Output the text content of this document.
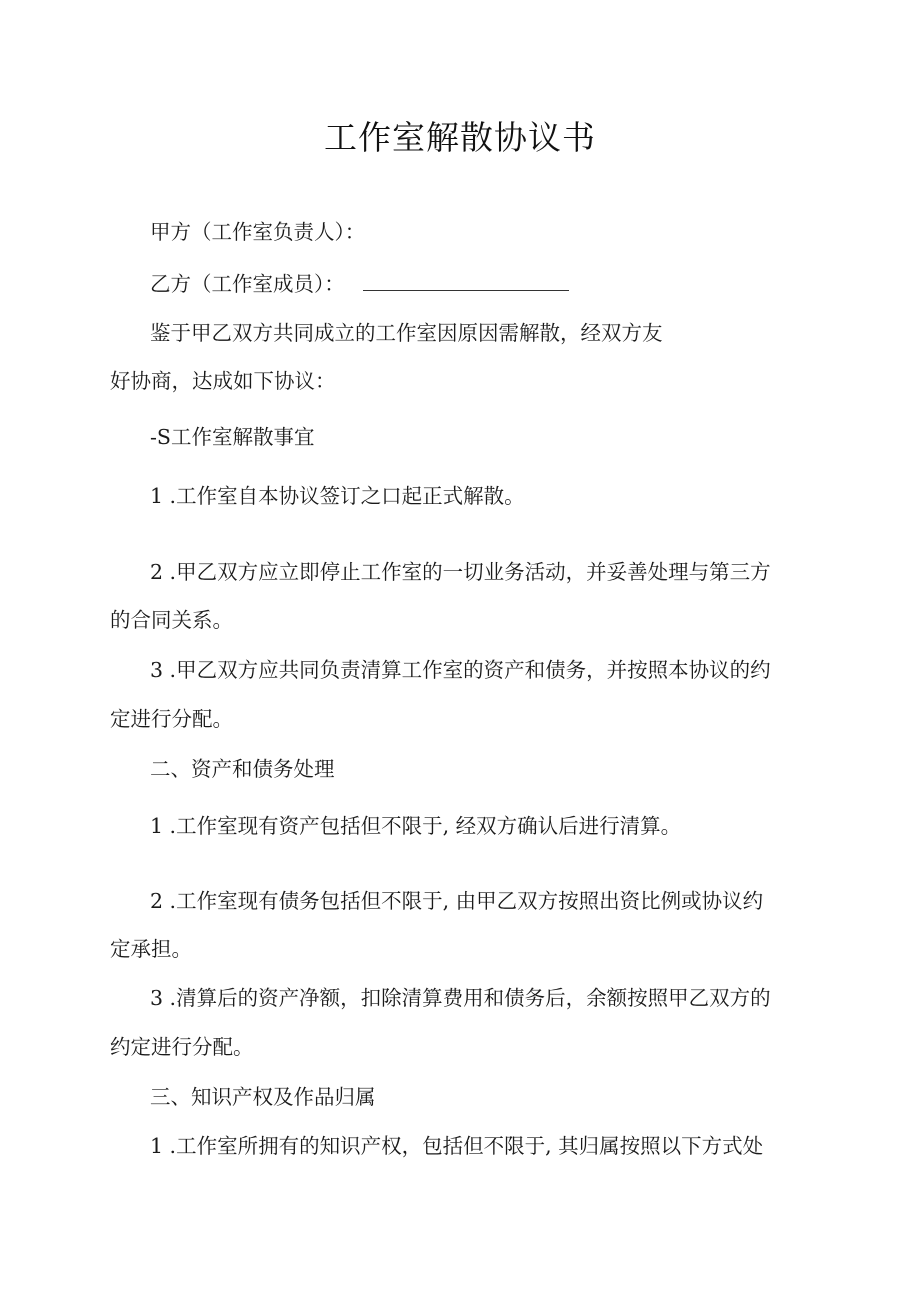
工作室解散协议书
甲方（工作室负责人）：
乙方（工作室成员）：
鉴于甲乙双方共同成立的工作室因原因需解散，经双方友
好协商，达成如下协议：
-S工作室解散事宜
1 .工作室自本协议签订之口起正式解散。
2 .甲乙双方应立即停止工作室的一切业务活动，并妥善处理与第三方
的合同关系。
3 .甲乙双方应共同负责清算工作室的资产和债务，并按照本协议的约
定进行分配。
二、资产和债务处理
1 .工作室现有资产包括但不限于, 经双方确认后进行清算。
2 .工作室现有债务包括但不限于, 由甲乙双方按照出资比例或协议约
定承担。
3 .清算后的资产净额，扣除清算费用和债务后，余额按照甲乙双方的
约定进行分配。
三、知识产权及作品归属
1 .工作室所拥有的知识产权，包括但不限于, 其归属按照以下方式处
